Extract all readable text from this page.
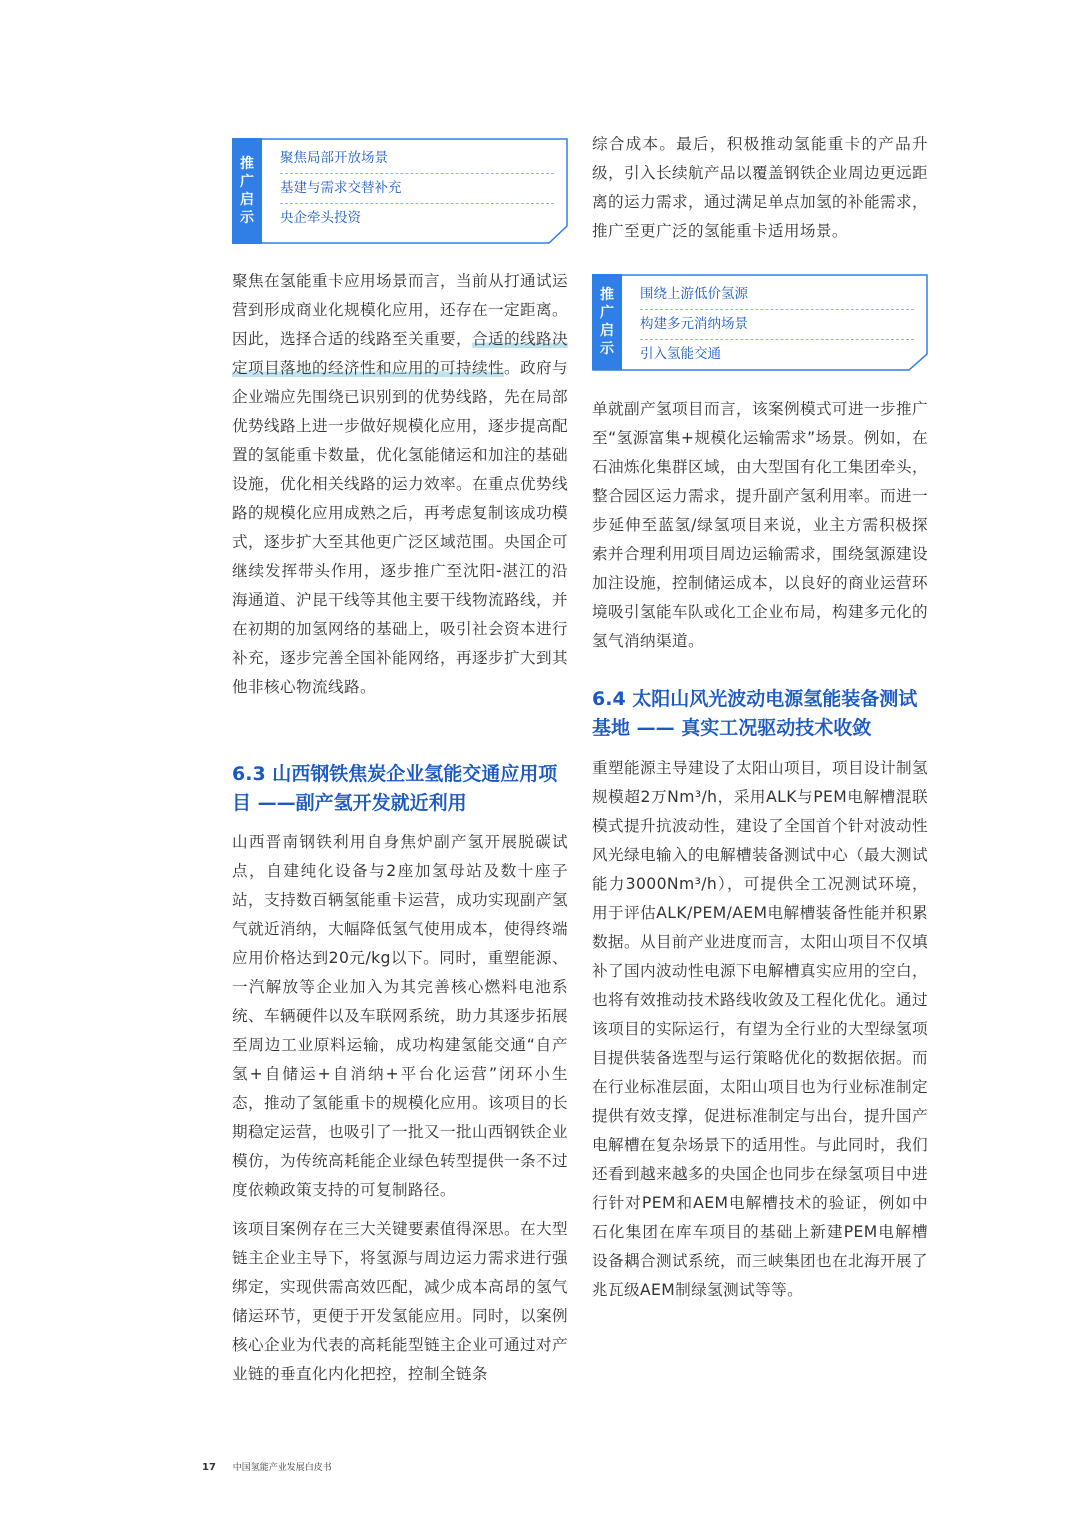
推广启示
聚焦局部开放场景
基建与需求交替补充
央企牵头投资

聚焦在氢能重卡应用场景而言，当前从打通试运营到形成商业化规模化应用，还存在一定距离。因此，选择合适的线路至关重要，合适的线路决定项目落地的经济性和应用的可持续性。政府与企业端应先围绕已识别到的优势线路，先在局部优势线路上进一步做好规模化应用，逐步提高配置的氢能重卡数量，优化氢能储运和加注的基础设施，优化相关线路的运力效率。在重点优势线路的规模化应用成熟之后，再考虑复制该成功模式，逐步扩大至其他更广泛区域范围。央国企可继续发挥带头作用，逐步推广至沈阳-湛江的沿海通道、沪昆干线等其他主要干线物流路线，并在初期的加氢网络的基础上，吸引社会资本进行补充，逐步完善全国补能网络，再逐步扩大到其他非核心物流线路。

6.3 山西钢铁焦炭企业氢能交通应用项目 ——副产氢开发就近利用

山西晋南钢铁利用自身焦炉副产氢开展脱碳试点，自建纯化设备与2座加氢母站及数十座子站，支持数百辆氢能重卡运营，成功实现副产氢气就近消纳，大幅降低氢气使用成本，使得终端应用价格达到20元/kg以下。同时，重塑能源、一汽解放等企业加入为其完善核心燃料电池系统、车辆硬件以及车联网系统，助力其逐步拓展至周边工业原料运输，成功构建氢能交通“自产氢+自储运+自消纳+平台化运营”闭环小生态，推动了氢能重卡的规模化应用。该项目的长期稳定运营，也吸引了一批又一批山西钢铁企业模仿，为传统高耗能企业绿色转型提供一条不过度依赖政策支持的可复制路径。

该项目案例存在三大关键要素值得深思。在大型链主企业主导下，将氢源与周边运力需求进行强绑定，实现供需高效匹配，减少成本高昂的氢气储运环节，更便于开发氢能应用。同时，以案例核心企业为代表的高耗能型链主企业可通过对产业链的垂直化内化把控，控制全链条

综合成本。最后，积极推动氢能重卡的产品升级，引入长续航产品以覆盖钢铁企业周边更远距离的运力需求，通过满足单点加氢的补能需求，推广至更广泛的氢能重卡适用场景。

推广启示
围绕上游低价氢源
构建多元消纳场景
引入氢能交通

单就副产氢项目而言，该案例模式可进一步推广至“氢源富集+规模化运输需求”场景。例如，在石油炼化集群区域，由大型国有化工集团牵头，整合园区运力需求，提升副产氢利用率。而进一步延伸至蓝氢/绿氢项目来说，业主方需积极探索并合理利用项目周边运输需求，围绕氢源建设加注设施，控制储运成本，以良好的商业运营环境吸引氢能车队或化工企业布局，构建多元化的氢气消纳渠道。

6.4 太阳山风光波动电源氢能装备测试基地 —— 真实工况驱动技术收敛

重塑能源主导建设了太阳山项目，项目设计制氢规模超2万Nm³/h，采用ALK与PEM电解槽混联模式提升抗波动性，建设了全国首个针对波动性风光绿电输入的电解槽装备测试中心（最大测试能力3000Nm³/h），可提供全工况测试环境，用于评估ALK/PEM/AEM电解槽装备性能并积累数据。从目前产业进度而言，太阳山项目不仅填补了国内波动性电源下电解槽真实应用的空白，也将有效推动技术路线收敛及工程化优化。通过该项目的实际运行，有望为全行业的大型绿氢项目提供装备选型与运行策略优化的数据依据。而在行业标准层面，太阳山项目也为行业标准制定提供有效支撑，促进标准制定与出台，提升国产电解槽在复杂场景下的适用性。与此同时，我们还看到越来越多的央国企也同步在绿氢项目中进行针对PEM和AEM电解槽技术的验证，例如中石化集团在库车项目的基础上新建PEM电解槽设备耦合测试系统，而三峡集团也在北海开展了兆瓦级AEM制绿氢测试等等。

17 中国氢能产业发展白皮书
